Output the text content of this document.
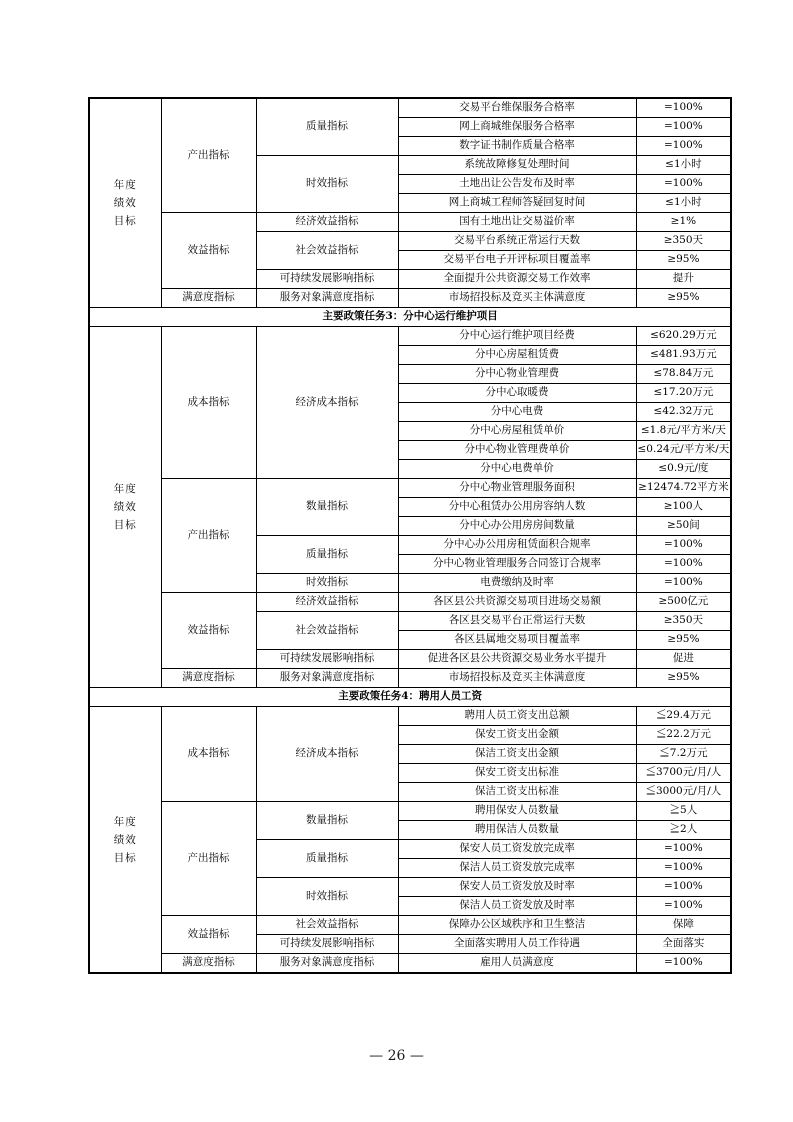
年度
绩效
目标	产出指标	质量指标	交易平台维保服务合格率	=100%
			网上商城维保服务合格率	=100%
			数字证书制作质量合格率	=100%
		时效指标	系统故障修复处理时间	≤1小时
			土地出让公告发布及时率	=100%
			网上商城工程师答疑回复时间	≤1小时
	效益指标	经济效益指标	国有土地出让交易溢价率	≥1%
		社会效益指标	交易平台系统正常运行天数	≥350天
			交易平台电子开评标项目覆盖率	≥95%
		可持续发展影响指标	全面提升公共资源交易工作效率	提升
	满意度指标	服务对象满意度指标	市场招投标及竞买主体满意度	≥95%
主要政策任务3：分中心运行维护项目				

年度
绩效
目标	成本指标	经济成本指标	分中心运行维护项目经费	≤620.29万元
			分中心房屋租赁费	≤481.93万元
			分中心物业管理费	≤78.84万元
			分中心取暖费	≤17.20万元
			分中心电费	≤42.32万元
			分中心房屋租赁单价	≤1.8元/平方米/天
			分中心物业管理费单价	≤0.24元/平方米/天
			分中心电费单价	≤0.9元/度
	产出指标	数量指标	分中心物业管理服务面积	≥12474.72平方米
			分中心租赁办公用房容纳人数	≥100人
			分中心办公用房房间数量	≥50间
		质量指标	分中心办公用房租赁面积合规率	=100%
			分中心物业管理服务合同签订合规率	=100%
		时效指标	电费缴纳及时率	=100%
	效益指标	经济效益指标	各区县公共资源交易项目进场交易额	≥500亿元
		社会效益指标	各区县交易平台正常运行天数	≥350天
			各区县属地交易项目覆盖率	≥95%
		可持续发展影响指标	促进各区县公共资源交易业务水平提升	促进
	满意度指标	服务对象满意度指标	市场招投标及竞买主体满意度	≥95%
主要政策任务4：聘用人员工资				

年度
绩效
目标	成本指标	经济成本指标	聘用人员工资支出总额	≦29.4万元
			保安工资支出金额	≦22.2万元
			保洁工资支出金额	≦7.2万元
			保安工资支出标准	≦3700元/月/人
			保洁工资支出标准	≦3000元/月/人
	产出指标	数量指标	聘用保安人员数量	≧5人
			聘用保洁人员数量	≧2人
		质量指标	保安人员工资发放完成率	=100%
			保洁人员工资发放完成率	=100%
		时效指标	保安人员工资发放及时率	=100%
			保洁人员工资发放及时率	=100%
	效益指标	社会效益指标	保障办公区域秩序和卫生整洁	保障
		可持续发展影响指标	全面落实聘用人员工作待遇	全面落实
	满意度指标	服务对象满意度指标	雇用人员满意度	=100%
— 26 —
